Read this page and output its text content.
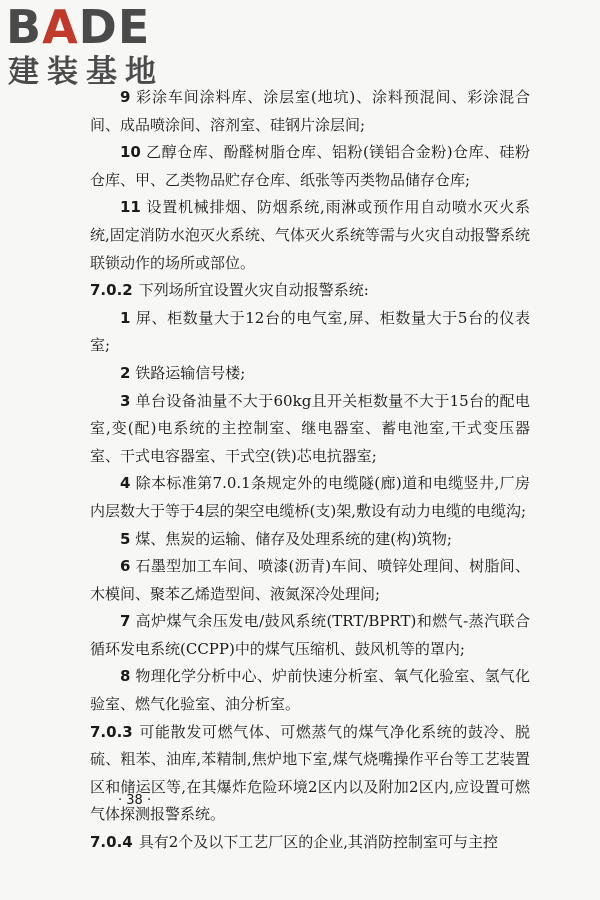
BADE
建装基地

9 彩涂车间涂料库、涂层室(地坑)、涂料预混间、彩涂混合间、成品喷涂间、溶剂室、硅钢片涂层间;

10 乙醇仓库、酚醛树脂仓库、铝粉(镁铝合金粉)仓库、硅粉仓库、甲、乙类物品贮存仓库、纸张等丙类物品储存仓库;

11 设置机械排烟、防烟系统,雨淋或预作用自动喷水灭火系统,固定消防水泡灭火系统、气体灭火系统等需与火灾自动报警系统联锁动作的场所或部位。

7.0.2 下列场所宜设置火灾自动报警系统:

1 屏、柜数量大于12台的电气室,屏、柜数量大于5台的仪表室;

2 铁路运输信号楼;

3 单台设备油量不大于60kg且开关柜数量不大于15台的配电室,变(配)电系统的主控制室、继电器室、蓄电池室,干式变压器室、干式电容器室、干式空(铁)芯电抗器室;

4 除本标准第7.0.1条规定外的电缆隧(廊)道和电缆竖井,厂房内层数大于等于4层的架空电缆桥(支)架,敷设有动力电缆的电缆沟;

5 煤、焦炭的运输、储存及处理系统的建(构)筑物;

6 石墨型加工车间、喷漆(沥青)车间、喷锌处理间、树脂间、木模间、聚苯乙烯造型间、液氮深冷处理间;

7 高炉煤气余压发电/鼓风系统(TRT/BPRT)和燃气-蒸汽联合循环发电系统(CCPP)中的煤气压缩机、鼓风机等的罩内;

8 物理化学分析中心、炉前快速分析室、氧气化验室、氢气化验室、燃气化验室、油分析室。

7.0.3 可能散发可燃气体、可燃蒸气的煤气净化系统的鼓冷、脱硫、粗苯、油库,苯精制,焦炉地下室,煤气烧嘴操作平台等工艺装置区和储运区等,在其爆炸危险环境2区内以及附加2区内,应设置可燃气体探测报警系统。

7.0.4 具有2个及以下工艺厂区的企业,其消防控制室可与主控

· 38 ·
